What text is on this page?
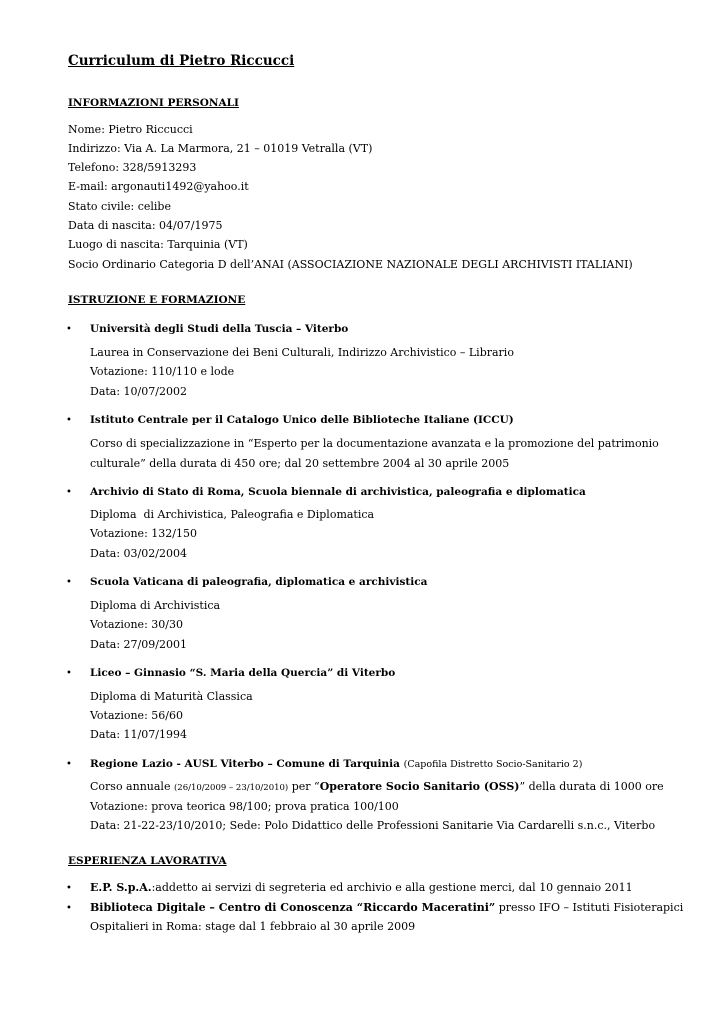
Curriculum di Pietro Riccucci
INFORMAZIONI PERSONALI
Nome: Pietro Riccucci
Indirizzo: Via A. La Marmora, 21 – 01019 Vetralla (VT)
Telefono: 328/5913293
E-mail: argonauti1492@yahoo.it
Stato civile: celibe
Data di nascita: 04/07/1975
Luogo di nascita: Tarquinia (VT)
Socio Ordinario Categoria D dell’ANAI (ASSOCIAZIONE NAZIONALE DEGLI ARCHIVISTI ITALIANI)
ISTRUZIONE E FORMAZIONE
• Università degli Studi della Tuscia – Viterbo
Laurea in Conservazione dei Beni Culturali, Indirizzo Archivistico – Librario
Votazione: 110/110 e lode
Data: 10/07/2002
• Istituto Centrale per il Catalogo Unico delle Biblioteche Italiane (ICCU)
Corso di specializzazione in “Esperto per la documentazione avanzata e la promozione del patrimonio
culturale” della durata di 450 ore; dal 20 settembre 2004 al 30 aprile 2005
• Archivio di Stato di Roma, Scuola biennale di archivistica, paleografia e diplomatica
Diploma  di Archivistica, Paleografia e Diplomatica
Votazione: 132/150
Data: 03/02/2004
• Scuola Vaticana di paleografia, diplomatica e archivistica
Diploma di Archivistica
Votazione: 30/30
Data: 27/09/2001
• Liceo – Ginnasio “S. Maria della Quercia” di Viterbo
Diploma di Maturità Classica
Votazione: 56/60
Data: 11/07/1994
• Regione Lazio - AUSL Viterbo – Comune di Tarquinia (Capofila Distretto Socio-Sanitario 2)
Corso annuale (26/10/2009 – 23/10/2010) per “Operatore Socio Sanitario (OSS)” della durata di 1000 ore
Votazione: prova teorica 98/100; prova pratica 100/100
Data: 21-22-23/10/2010; Sede: Polo Didattico delle Professioni Sanitarie Via Cardarelli s.n.c., Viterbo
ESPERIENZA LAVORATIVA
• E.P. S.p.A.:addetto ai servizi di segreteria ed archivio e alla gestione merci, dal 10 gennaio 2011
• Biblioteca Digitale – Centro di Conoscenza “Riccardo Maceratini” presso IFO – Istituti Fisioterapici
Ospitalieri in Roma: stage dal 1 febbraio al 30 aprile 2009
